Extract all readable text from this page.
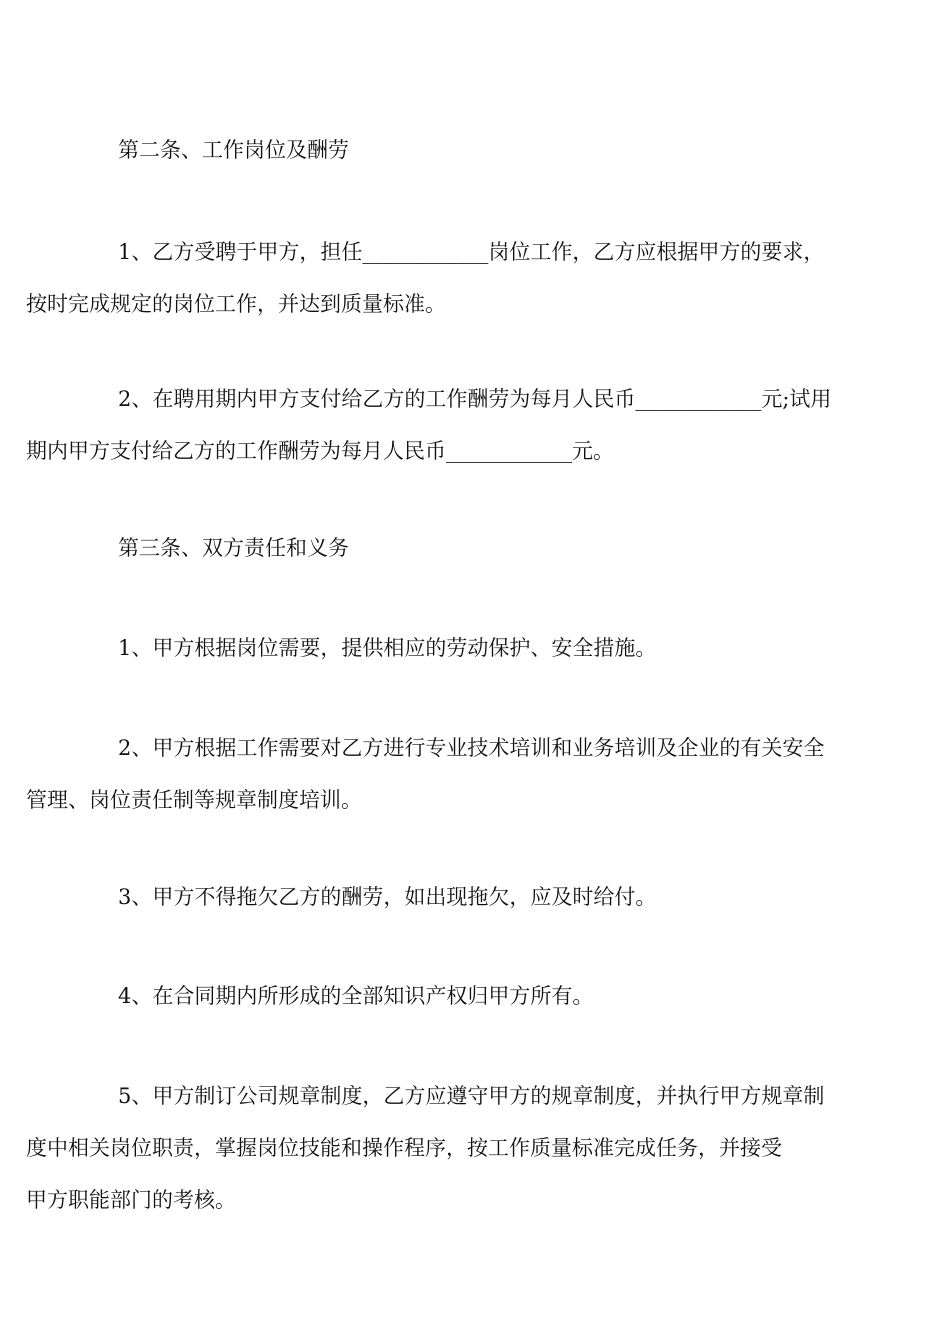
第二条、工作岗位及酬劳
1、乙方受聘于甲方，担任____________岗位工作，乙方应根据甲方的要求，
按时完成规定的岗位工作，并达到质量标准。
2、在聘用期内甲方支付给乙方的工作酬劳为每月人民币____________元;试用
期内甲方支付给乙方的工作酬劳为每月人民币____________元。
第三条、双方责任和义务
1、甲方根据岗位需要，提供相应的劳动保护、安全措施。
2、甲方根据工作需要对乙方进行专业技术培训和业务培训及企业的有关安全
管理、岗位责任制等规章制度培训。
3、甲方不得拖欠乙方的酬劳，如出现拖欠，应及时给付。
4、在合同期内所形成的全部知识产权归甲方所有。
5、甲方制订公司规章制度，乙方应遵守甲方的规章制度，并执行甲方规章制
度中相关岗位职责，掌握岗位技能和操作程序，按工作质量标准完成任务，并接受
甲方职能部门的考核。
